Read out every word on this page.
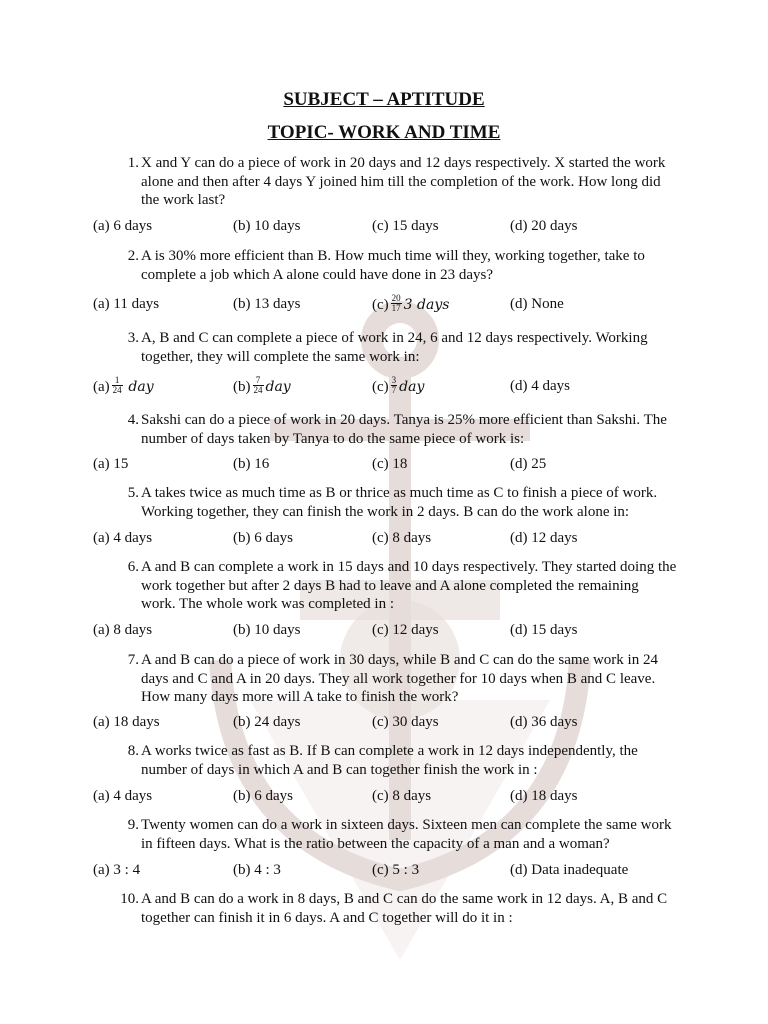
SUBJECT – APTITUDE
TOPIC- WORK AND TIME
1. X and Y can do a piece of work in 20 days and 12 days respectively. X started the work alone and then after 4 days Y joined him till the completion of the work. How long did the work last?
(a) 6 days	(b) 10 days	(c) 15 days	(d) 20 days
2. A is 30% more efficient than B. How much time will they, working together, take to complete a job which A alone could have done in 23 days?
(a) 11 days	(b) 13 days	$(c) \frac{20}{17} 3$ days	(d) None
3. A, B and C can complete a piece of work in 24, 6 and 12 days respectively. Working together, they will complete the same work in:
$(a) \frac{1}{24}$ day	$(b) \frac{7}{24}$ day	$(c) \frac{3}{7}$ day	(d) 4 days
4. Sakshi can do a piece of work in 20 days. Tanya is 25% more efficient than Sakshi. The number of days taken by Tanya to do the same piece of work is:
(a) 15	(b) 16	(c) 18	(d) 25
5. A takes twice as much time as B or thrice as much time as C to finish a piece of work. Working together, they can finish the work in 2 days. B can do the work alone in:
(a) 4 days	(b) 6 days	(c) 8 days	(d) 12 days
6. A and B can complete a work in 15 days and 10 days respectively. They started doing the work together but after 2 days B had to leave and A alone completed the remaining work. The whole work was completed in :
(a) 8 days	(b) 10 days	(c) 12 days	(d) 15 days
7. A and B can do a piece of work in 30 days, while B and C can do the same work in 24 days and C and A in 20 days. They all work together for 10 days when B and C leave. How many days more will A take to finish the work?
(a) 18 days	(b) 24 days	(c) 30 days	(d) 36 days
8. A works twice as fast as B. If B can complete a work in 12 days independently, the number of days in which A and B can together finish the work in :
(a) 4 days	(b) 6 days	(c) 8 days	(d) 18 days
9. Twenty women can do a work in sixteen days. Sixteen men can complete the same work in fifteen days. What is the ratio between the capacity of a man and a woman?
(a) 3 : 4	(b) 4 : 3	(c) 5 : 3	(d) Data inadequate
10. A and B can do a work in 8 days, B and C can do the same work in 12 days. A, B and C together can finish it in 6 days. A and C together will do it in :
